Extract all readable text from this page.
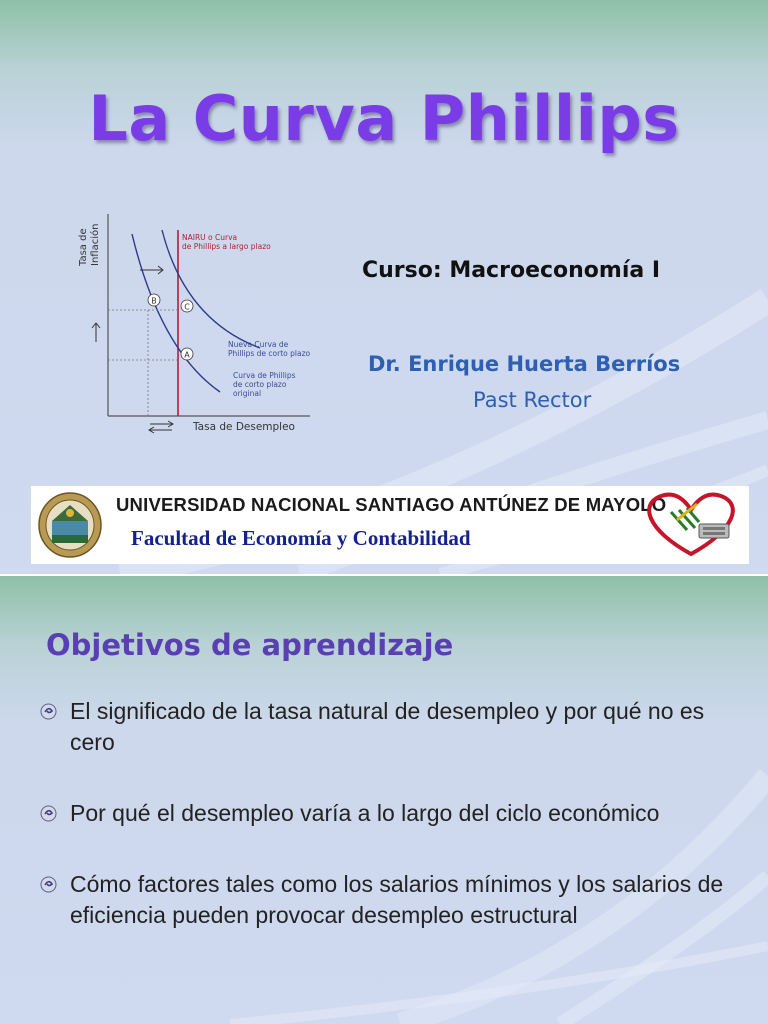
La Curva Phillips
Tasa de Inflación	NAIRU o Curva
de Phillips a largo plazo
B
C
A
Nueva Curva de
Phillips de corto plazo
Curva de Phillips
de corto plazo
original
Tasa de Desempleo
Curso: Macroeconomía I
Dr. Enrique Huerta Berríos
Past Rector
UNIVERSIDAD NACIONAL SANTIAGO ANTÚNEZ DE MAYOLO
Facultad de Economía y Contabilidad
Objetivos de aprendizaje
El significado de la tasa natural de desempleo y por qué no es cero
Por qué el desempleo varía a lo largo del ciclo económico
Cómo factores tales como los salarios mínimos y los salarios de eficiencia pueden provocar desempleo estructural
